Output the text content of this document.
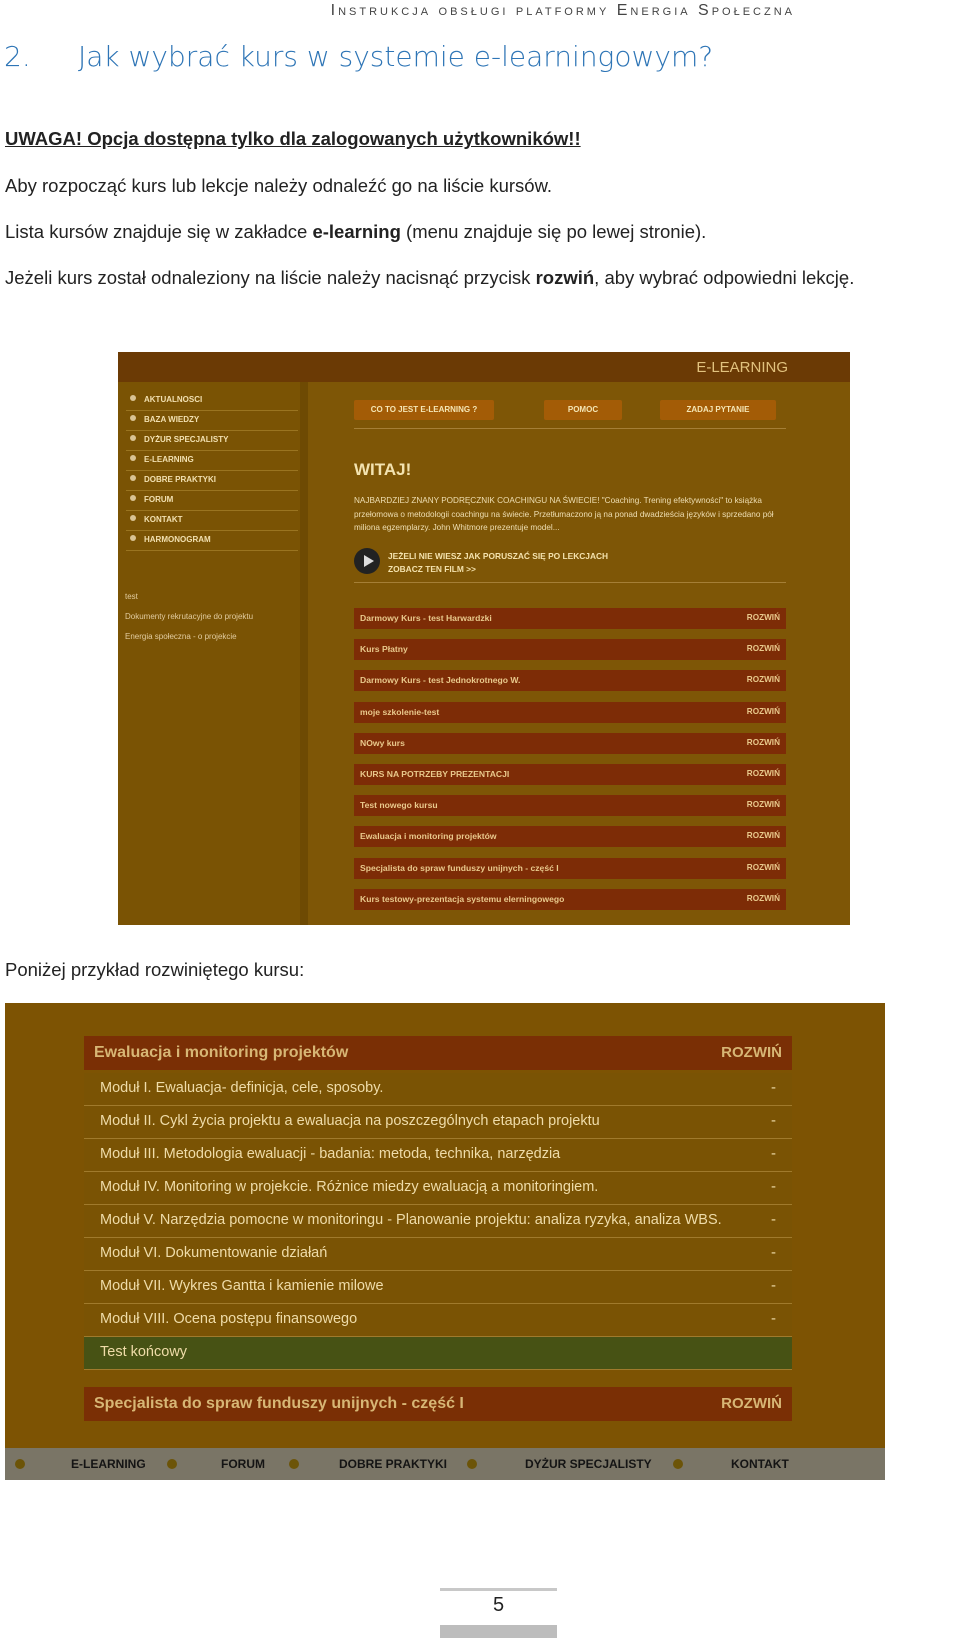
Instrukcja obsługi platformy Energia Społeczna
2. Jak wybrać kurs w systemie e-learningowym?
UWAGA! Opcja dostępna tylko dla zalogowanych użytkowników!!
Aby rozpocząć kurs lub lekcje należy odnaleźć go na liście kursów.
Lista kursów znajduje się w zakładce e-learning (menu znajduje się po lewej stronie).
Jeżeli kurs został odnaleziony na liście należy nacisnąć przycisk rozwiń, aby wybrać odpowiedni lekcję.
E-LEARNING
AKTUALNOSCI
BAZA WIEDZY
DYŻUR SPECJALISTY
E-LEARNING
DOBRE PRAKTYKI
FORUM
KONTAKT
HARMONOGRAM
test
Dokumenty rekrutacyjne do projektu
Energia społeczna - o projekcie
CO TO JEST E-LEARNING ?	POMOC	ZADAJ PYTANIE
WITAJ!
NAJBARDZIEJ ZNANY PODRĘCZNIK COACHINGU NA ŚWIECIE! "Coaching. Trening efektywności" to książka przełomowa o metodologii coachingu na świecie. Przetłumaczono ją na ponad dwadzieścia języków i sprzedano pół miliona egzemplarzy. John Whitmore prezentuje model...
JEŻELI NIE WIESZ JAK PORUSZAĆ SIĘ PO LEKCJACH
ZOBACZ TEN FILM >>
Darmowy Kurs - test Harwardzki	ROZWIŃ
Kurs Płatny	ROZWIŃ
Darmowy Kurs - test Jednokrotnego W.	ROZWIŃ
moje szkolenie-test	ROZWIŃ
NOwy kurs	ROZWIŃ
KURS NA POTRZEBY PREZENTACJI	ROZWIŃ
Test nowego kursu	ROZWIŃ
Ewaluacja i monitoring projektów	ROZWIŃ
Specjalista do spraw funduszy unijnych - część I	ROZWIŃ
Kurs testowy-prezentacja systemu elerningowego	ROZWIŃ
Poniżej przykład rozwiniętego kursu:
Ewaluacja i monitoring projektów	ROZWIŃ
Moduł I. Ewaluacja- definicja, cele, sposoby.	-
Moduł II. Cykl życia projektu a ewaluacja na poszczególnych etapach projektu	-
Moduł III. Metodologia ewaluacji - badania: metoda, technika, narzędzia	-
Moduł IV. Monitoring w projekcie. Różnice miedzy ewaluacją a monitoringiem.	-
Moduł V. Narzędzia pomocne w monitoringu - Planowanie projektu: analiza ryzyka, analiza WBS.	-
Moduł VI. Dokumentowanie działań	-
Moduł VII. Wykres Gantta i kamienie milowe	-
Moduł VIII. Ocena postępu finansowego	-
Test końcowy
Specjalista do spraw funduszy unijnych - część I	ROZWIŃ
E-LEARNING	FORUM	DOBRE PRAKTYKI	DYŻUR SPECJALISTY	KONTAKT
5
